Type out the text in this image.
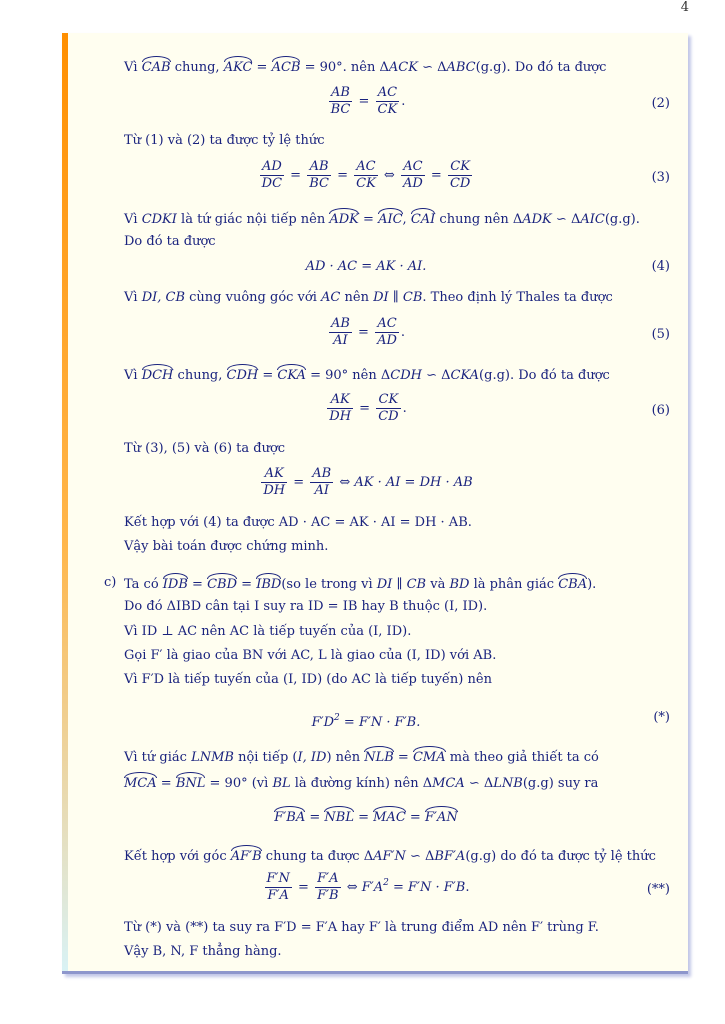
4
Vì CAB chung, AKC = ACB = 90°. nên ΔACK ∽ ΔABC(g.g). Do đó ta được
$\frac{AB}{BC} = \frac{AC}{CK}$ .	(2)
Từ (1) và (2) ta được tỷ lệ thức
$\frac{AD}{DC} = \frac{AB}{BC} = \frac{AC}{CK}$ ⇔ $\frac{AC}{AD} = \frac{CK}{CD}$	(3)
Vì CDKI là tứ giác nội tiếp nên ADK = AIC, CAI chung nên ΔADK ∽ ΔAIC(g.g).
Do đó ta được
AD · AC = AK · AI.	(4)
Vì DI, CB cùng vuông góc với AC nên DI ∥ CB. Theo định lý Thales ta được
$\frac{AB}{AI} = \frac{AC}{AD}$ .	(5)
Vì DCH chung, CDH = CKA = 90° nên ΔCDH ∽ ΔCKA(g.g). Do đó ta được
$\frac{AK}{DH} = \frac{CK}{CD}$ .	(6)
Từ (3), (5) và (6) ta được
$\frac{AK}{DH} = \frac{AB}{AI}$ ⇔ AK · AI = DH · AB
Kết hợp với (4) ta được AD · AC = AK · AI = DH · AB.
Vậy bài toán được chứng minh.
c) Ta có IDB = CBD = IBD(so le trong vì DI ∥ CB và BD là phân giác CBA).
Do đó ΔIBD cân tại I suy ra ID = IB hay B thuộc (I, ID).
Vì ID ⊥ AC nên AC là tiếp tuyến của (I, ID).
Gọi F′ là giao của BN với AC, L là giao của (I, ID) với AB.
Vì F′D là tiếp tuyến của (I, ID) (do AC là tiếp tuyến) nên
$F'D^2 = F'N \cdot F'B$.	(*)
Vì tứ giác LNMB nội tiếp (I, ID) nên NLB = CMA mà theo giả thiết ta có
MCA = BNL = 90° (vì BL là đường kính) nên ΔMCA ∽ ΔLNB(g.g) suy ra
F′BA = NBL = MAC = F′AN
Kết hợp với góc AF′B chung ta được ΔAF′N ∽ ΔBF′A(g.g) do đó ta được tỷ lệ thức
$\frac{F'N}{F'A} = \frac{F'A}{F'B}$ ⇔ $F'A^2 = F'N \cdot F'B$.	(**)
Từ (*) và (**) ta suy ra F′D = F′A hay F′ là trung điểm AD nên F′ trùng F.
Vậy B, N, F thẳng hàng.
